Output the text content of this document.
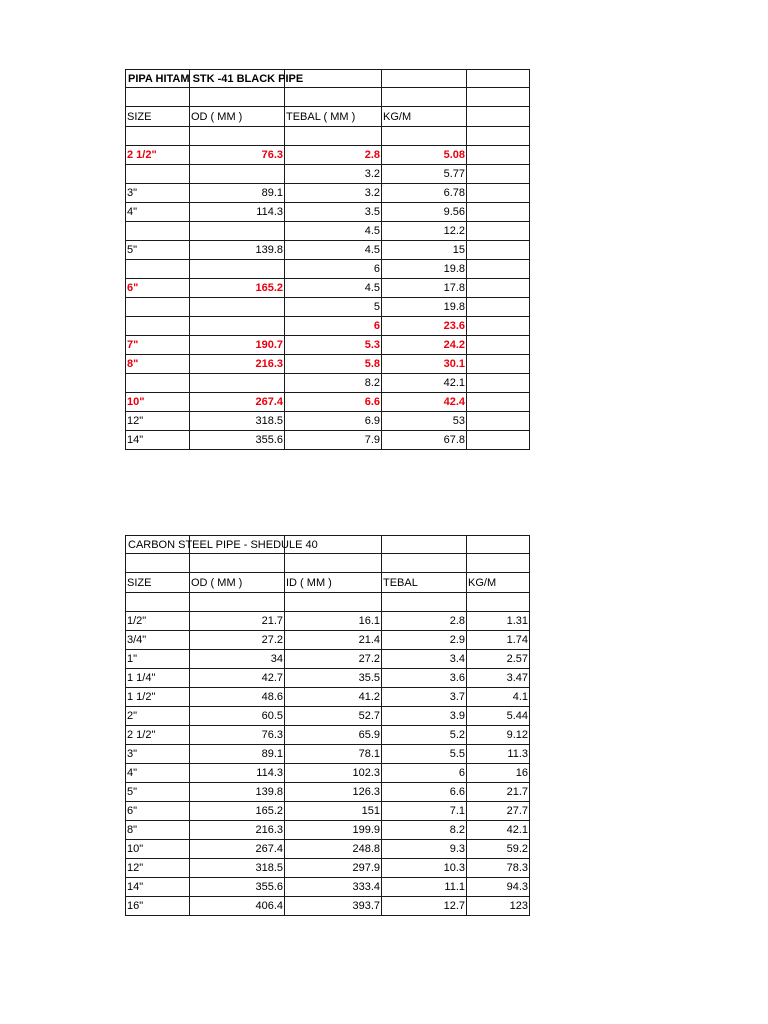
PIPA HITAM STK -41 BLACK PIPE				

SIZE	OD ( MM )	TEBAL ( MM )	KG/M	

2 1/2"	76.3	2.8	5.08	
		3.2	5.77	
3"	89.1	3.2	6.78	
4"	114.3	3.5	9.56	
		4.5	12.2	
5"	139.8	4.5	15	
		6	19.8	
6"	165.2	4.5	17.8	
		5	19.8	
		6	23.6	
7"	190.7	5.3	24.2	
8"	216.3	5.8	30.1	
		8.2	42.1	
10"	267.4	6.6	42.4	
12"	318.5	6.9	53	
14"	355.6	7.9	67.8	
CARBON STEEL PIPE - SHEDULE 40				

SIZE	OD ( MM )	ID ( MM )	TEBAL	KG/M

1/2"	21.7	16.1	2.8	1.31
3/4"	27.2	21.4	2.9	1.74
1"	34	27.2	3.4	2.57
1 1/4"	42.7	35.5	3.6	3.47
1 1/2"	48.6	41.2	3.7	4.1
2"	60.5	52.7	3.9	5.44
2 1/2"	76.3	65.9	5.2	9.12
3"	89.1	78.1	5.5	11.3
4"	114.3	102.3	6	16
5"	139.8	126.3	6.6	21.7
6"	165.2	151	7.1	27.7
8"	216.3	199.9	8.2	42.1
10"	267.4	248.8	9.3	59.2
12"	318.5	297.9	10.3	78.3
14"	355.6	333.4	11.1	94.3
16"	406.4	393.7	12.7	123
